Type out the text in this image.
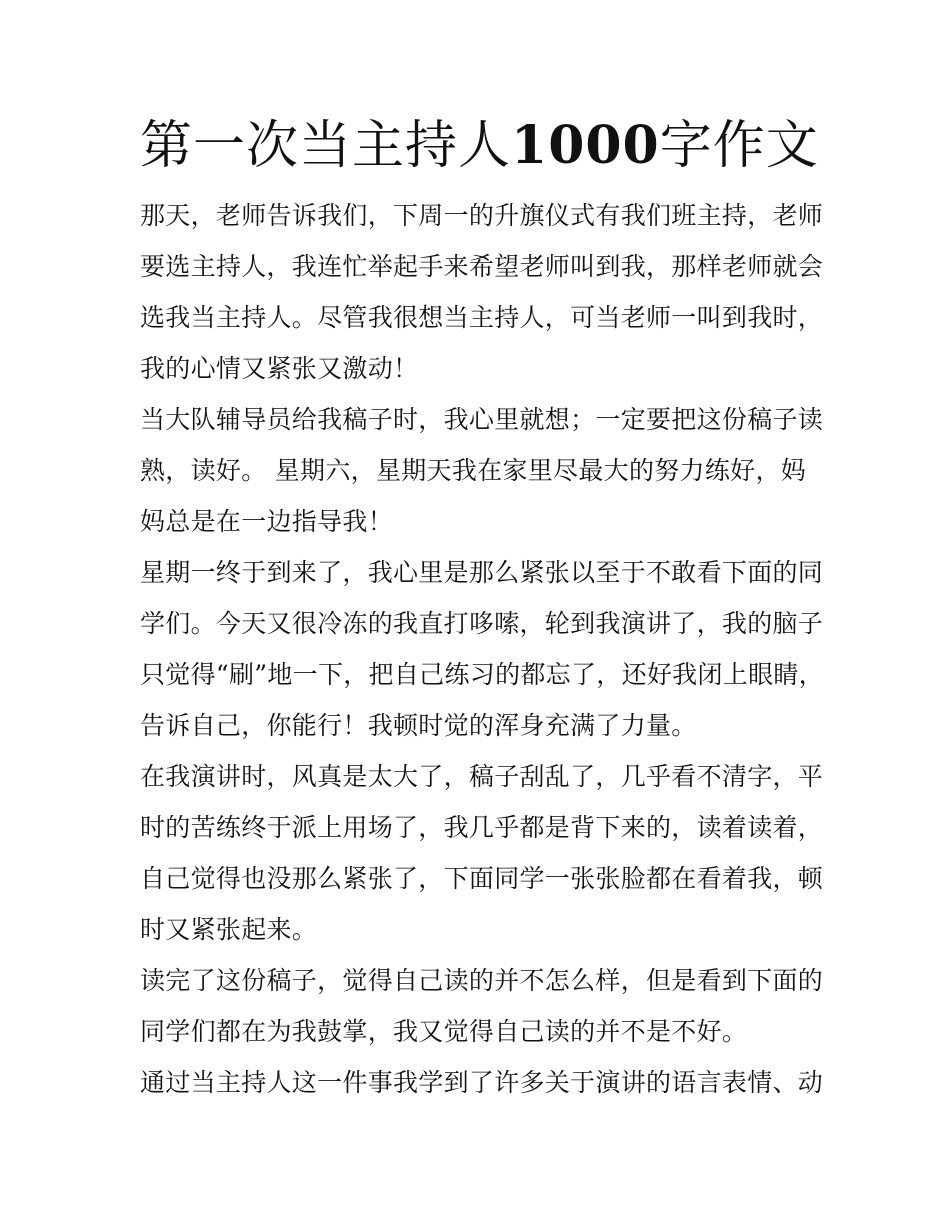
第一次当主持人1000字作文

那天，老师告诉我们，下周一的升旗仪式有我们班主持，老师
要选主持人，我连忙举起手来希望老师叫到我，那样老师就会
选我当主持人。尽管我很想当主持人，可当老师一叫到我时，
我的心情又紧张又激动！

当大队辅导员给我稿子时，我心里就想；一定要把这份稿子读
熟，读好。 星期六，星期天我在家里尽最大的努力练好，妈
妈总是在一边指导我！

星期一终于到来了，我心里是那么紧张以至于不敢看下面的同
学们。今天又很冷冻的我直打哆嗦，轮到我演讲了，我的脑子
只觉得“刷”地一下，把自己练习的都忘了，还好我闭上眼睛，
告诉自己，你能行！我顿时觉的浑身充满了力量。

在我演讲时，风真是太大了，稿子刮乱了，几乎看不清字，平
时的苦练终于派上用场了，我几乎都是背下来的，读着读着，
自己觉得也没那么紧张了，下面同学一张张脸都在看着我，顿
时又紧张起来。

读完了这份稿子，觉得自己读的并不怎么样，但是看到下面的
同学们都在为我鼓掌，我又觉得自己读的并不是不好。

通过当主持人这一件事我学到了许多关于演讲的语言表情、动
